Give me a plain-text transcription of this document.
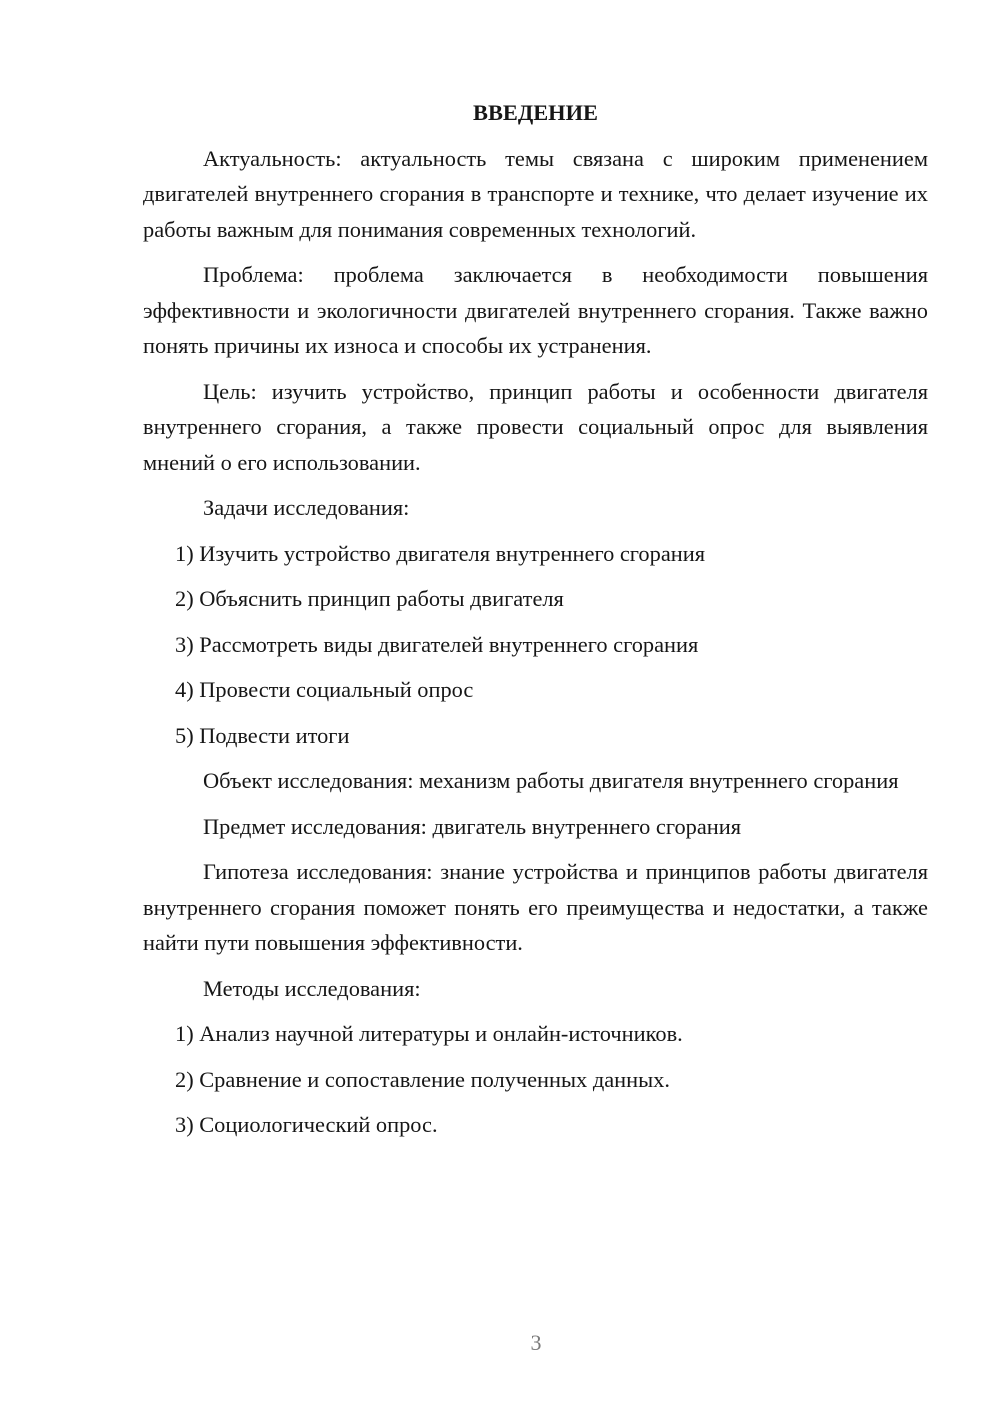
ВВЕДЕНИЕ

Актуальность: актуальность темы связана с широким применением двигателей внутреннего сгорания в транспорте и технике, что делает изучение их работы важным для понимания современных технологий.

Проблема: проблема заключается в необходимости повышения эффективности и экологичности двигателей внутреннего сгорания. Также важно понять причины их износа и способы их устранения.

Цель: изучить устройство, принцип работы и особенности двигателя внутреннего сгорания, а также провести социальный опрос для выявления мнений о его использовании.

Задачи исследования:
1) Изучить устройство двигателя внутреннего сгорания
2) Объяснить принцип работы двигателя
3) Рассмотреть виды двигателей внутреннего сгорания
4) Провести социальный опрос
5) Подвести итоги

Объект исследования: механизм работы двигателя внутреннего сгорания

Предмет исследования: двигатель внутреннего сгорания

Гипотеза исследования: знание устройства и принципов работы двигателя внутреннего сгорания поможет понять его преимущества и недостатки, а также найти пути повышения эффективности.

Методы исследования:
1) Анализ научной литературы и онлайн-источников.
2) Сравнение и сопоставление полученных данных.
3) Социологический опрос.
3
